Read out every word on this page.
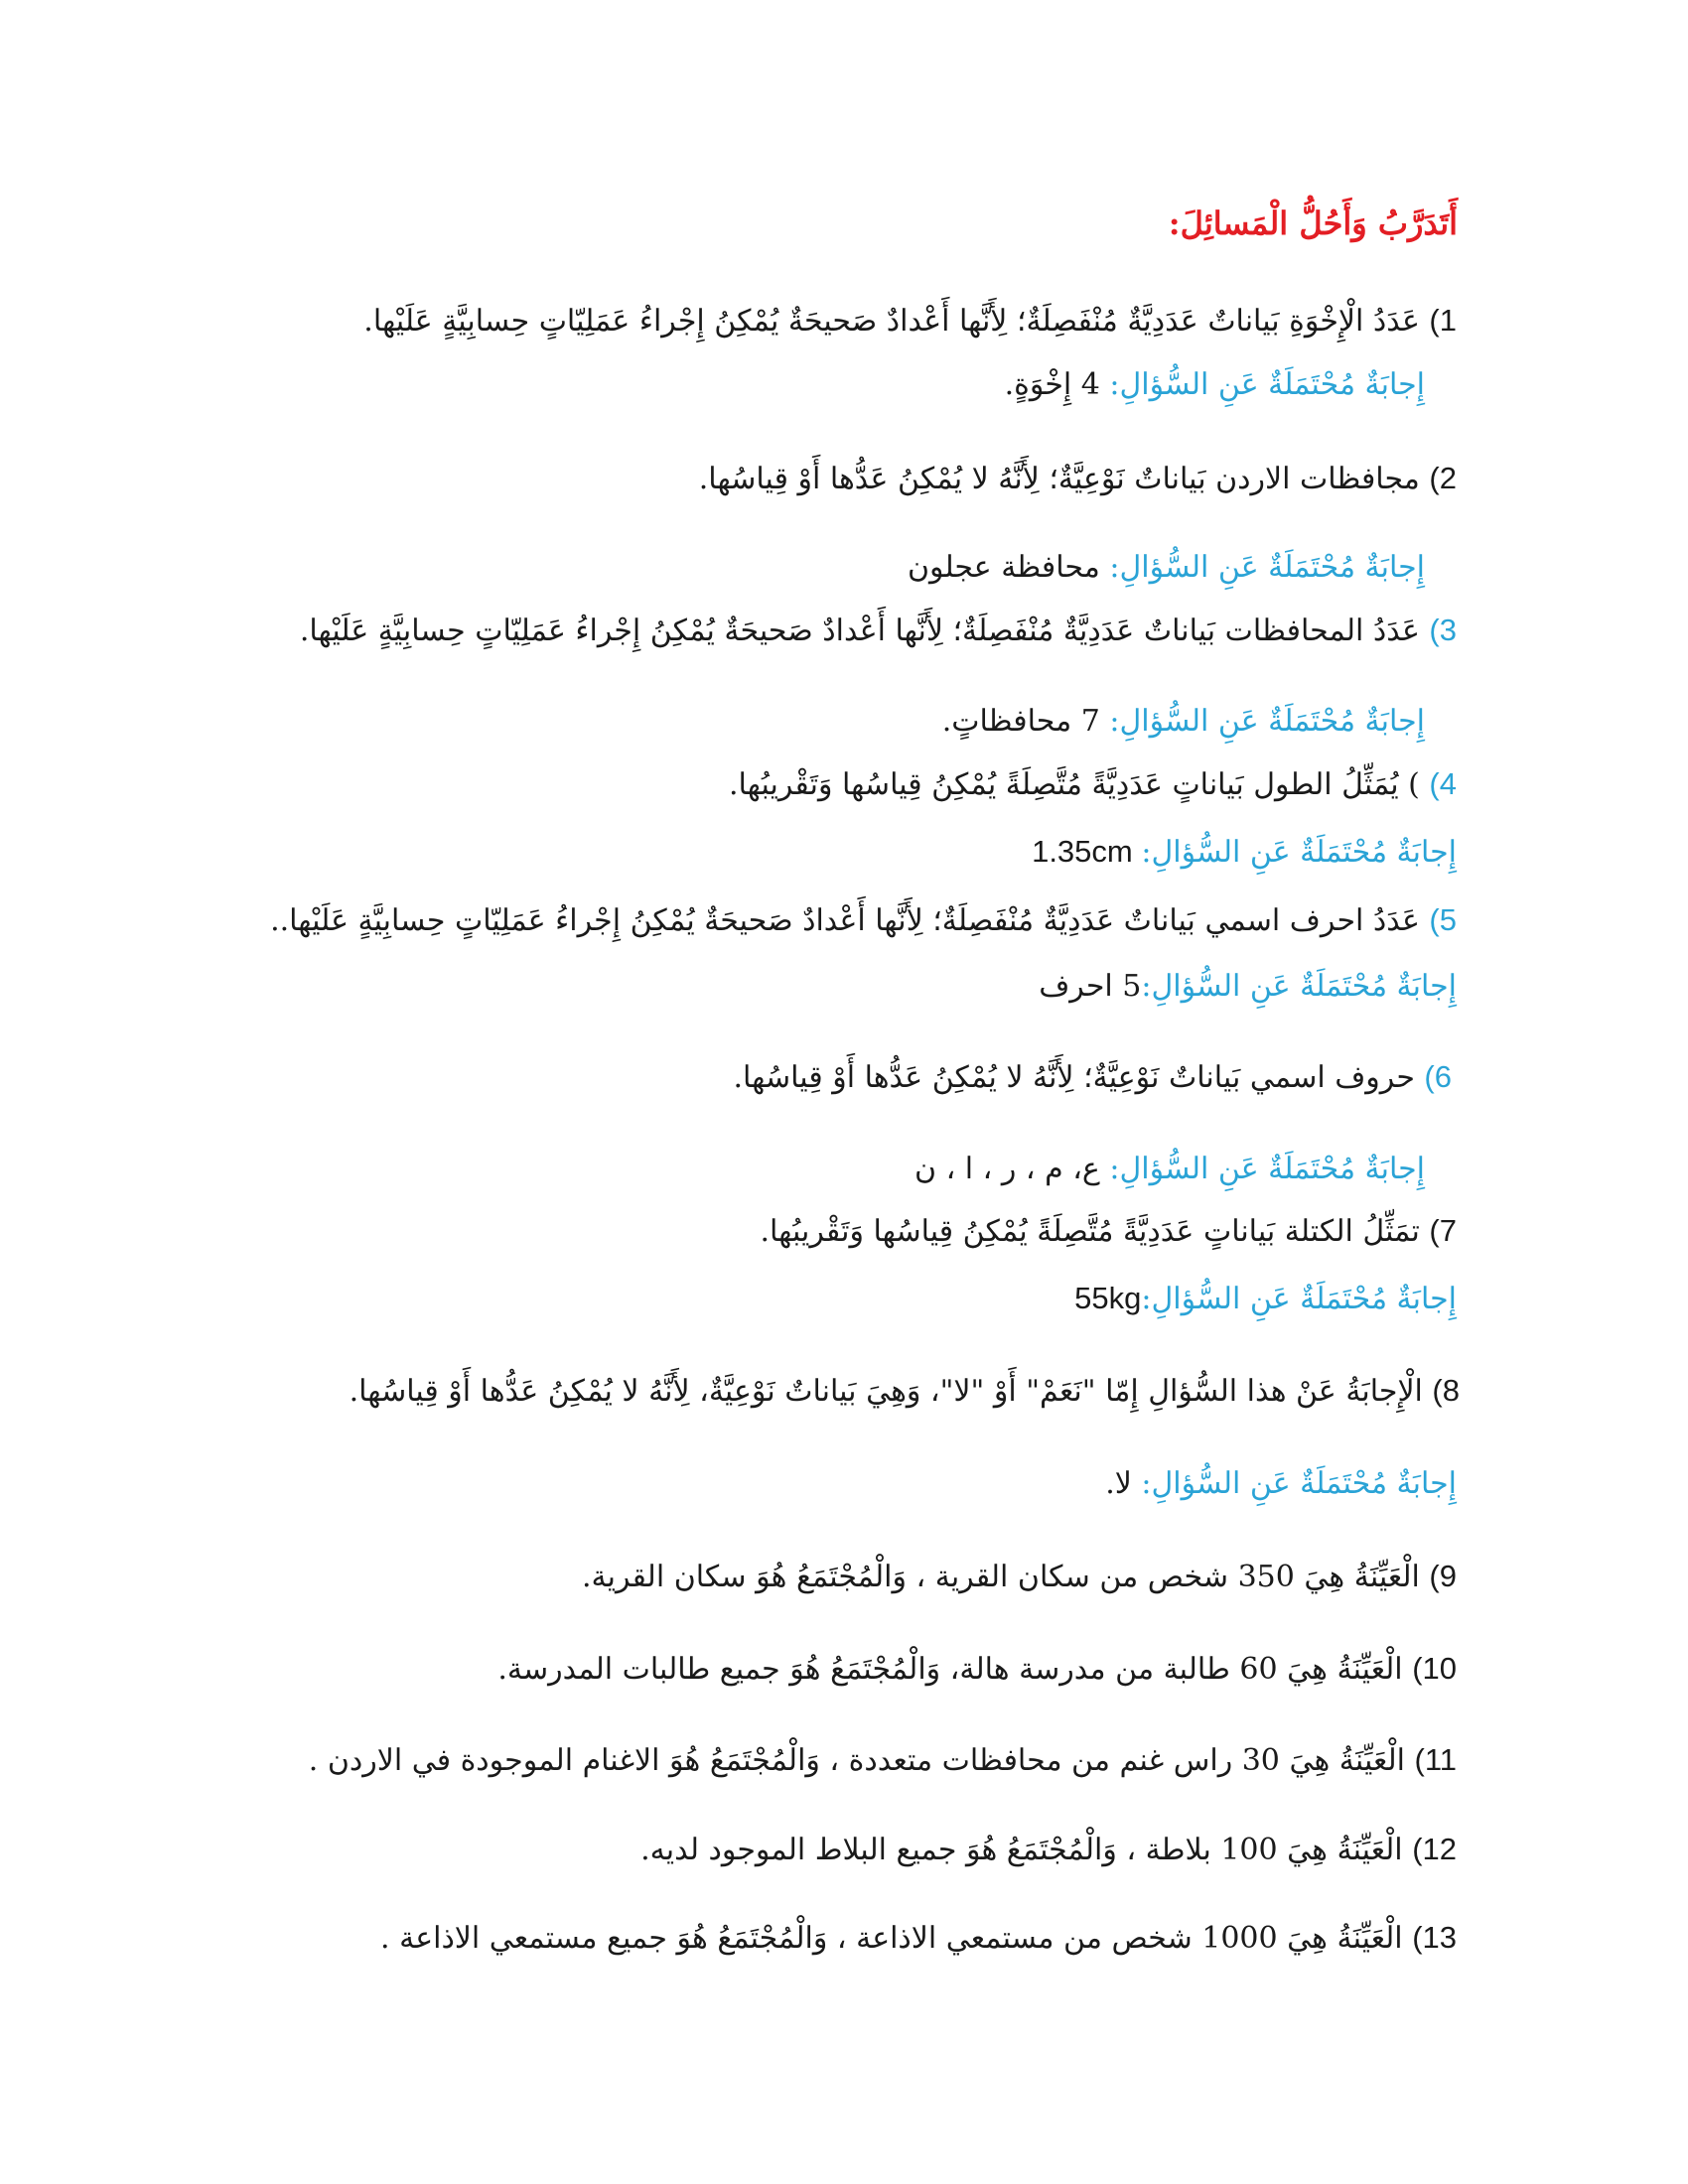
أَتَدَرَّبُ وَأَحُلُّ الْمَسائِلَ:
1) عَدَدُ الْإِخْوَةِ بَياناتٌ عَدَدِيَّةٌ مُنْفَصِلَةٌ؛ لِأَنَّها أَعْدادٌ صَحيحَةٌ يُمْكِنُ إِجْراءُ عَمَلِيّاتٍ حِسابِيَّةٍ عَلَيْها.
إِجابَةٌ مُحْتَمَلَةٌ عَنِ السُّؤالِ: 4 إِخْوَةٍ.
2) مجافظات الاردن بَياناتٌ نَوْعِيَّةٌ؛ لِأَنَّهُ لا يُمْكِنُ عَدُّها أَوْ قِياسُها.
إِجابَةٌ مُحْتَمَلَةٌ عَنِ السُّؤالِ: محافظة عجلون
3) عَدَدُ المحافظات بَياناتٌ عَدَدِيَّةٌ مُنْفَصِلَةٌ؛ لِأَنَّها أَعْدادٌ صَحيحَةٌ يُمْكِنُ إِجْراءُ عَمَلِيّاتٍ حِسابِيَّةٍ عَلَيْها.
إِجابَةٌ مُحْتَمَلَةٌ عَنِ السُّؤالِ: 7 محافظاتٍ.
4) ) يُمَثِّلُ الطول بَياناتٍ عَدَدِيَّةً مُتَّصِلَةً يُمْكِنُ قِياسُها وَتَقْريبُها.
إِجابَةٌ مُحْتَمَلَةٌ عَنِ السُّؤالِ: 1.35cm
5) عَدَدُ احرف اسمي بَياناتٌ عَدَدِيَّةٌ مُنْفَصِلَةٌ؛ لِأَنَّها أَعْدادٌ صَحيحَةٌ يُمْكِنُ إِجْراءُ عَمَلِيّاتٍ حِسابِيَّةٍ عَلَيْها..
إِجابَةٌ مُحْتَمَلَةٌ عَنِ السُّؤالِ:5 احرف
6) حروف اسمي بَياناتٌ نَوْعِيَّةٌ؛ لِأَنَّهُ لا يُمْكِنُ عَدُّها أَوْ قِياسُها.
إِجابَةٌ مُحْتَمَلَةٌ عَنِ السُّؤالِ: ع، م ، ر ، ا ، ن
7) تمَثِّلُ الكتلة بَياناتٍ عَدَدِيَّةً مُتَّصِلَةً يُمْكِنُ قِياسُها وَتَقْريبُها.
إِجابَةٌ مُحْتَمَلَةٌ عَنِ السُّؤالِ:55kg
8) الْإِجابَةُ عَنْ هذا السُّؤالِ إِمّا "نَعَمْ" أَوْ "لا"، وَهِيَ بَياناتٌ نَوْعِيَّةٌ، لِأَنَّهُ لا يُمْكِنُ عَدُّها أَوْ قِياسُها.
إِجابَةٌ مُحْتَمَلَةٌ عَنِ السُّؤالِ: لا.
9) الْعَيِّنَةُ هِيَ 350 شخص من سكان القرية ، وَالْمُجْتَمَعُ هُوَ سكان القرية.
10) الْعَيِّنَةُ هِيَ 60 طالبة من مدرسة هالة، وَالْمُجْتَمَعُ هُوَ جميع طالبات المدرسة.
11) الْعَيِّنَةُ هِيَ 30 راس غنم من محافظات متعددة ، وَالْمُجْتَمَعُ هُوَ الاغنام الموجودة في الاردن .
12) الْعَيِّنَةُ هِيَ 100 بلاطة ، وَالْمُجْتَمَعُ هُوَ جميع البلاط الموجود لديه.
13) الْعَيِّنَةُ هِيَ 1000 شخص من مستمعي الاذاعة ، وَالْمُجْتَمَعُ هُوَ جميع مستمعي الاذاعة .
